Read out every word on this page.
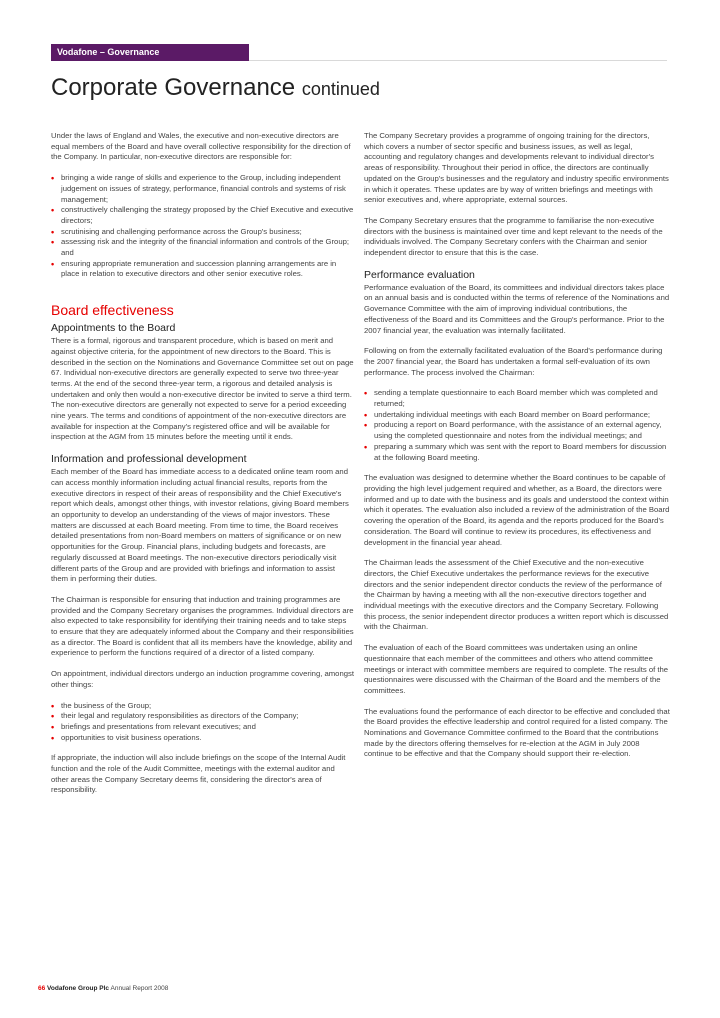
Vodafone – Governance
Corporate Governance continued

Under the laws of England and Wales, the executive and non-executive directors are equal members of the Board and have overall collective responsibility for the direction of the Company. In particular, non-executive directors are responsible for:

• bringing a wide range of skills and experience to the Group, including independent judgement on issues of strategy, performance, financial controls and systems of risk management;
• constructively challenging the strategy proposed by the Chief Executive and executive directors;
• scrutinising and challenging performance across the Group's business;
• assessing risk and the integrity of the financial information and controls of the Group; and
• ensuring appropriate remuneration and succession planning arrangements are in place in relation to executive directors and other senior executive roles.
Board effectiveness
Appointments to the Board

There is a formal, rigorous and transparent procedure, which is based on merit and against objective criteria, for the appointment of new directors to the Board. This is described in the section on the Nominations and Governance Committee set out on page 67. Individual non-executive directors are generally expected to serve two three-year terms. At the end of the second three-year term, a rigorous and detailed analysis is undertaken and only then would a non-executive director be invited to serve a third term. The non-executive directors are generally not expected to serve for a period exceeding nine years. The terms and conditions of appointment of the non-executive directors are available for inspection at the Company's registered office and will be available for inspection at the AGM from 15 minutes before the meeting until it ends.

Information and professional development

Each member of the Board has immediate access to a dedicated online team room and can access monthly information including actual financial results, reports from the executive directors in respect of their areas of responsibility and the Chief Executive's report which deals, amongst other things, with investor relations, giving Board members an opportunity to develop an understanding of the views of major investors. These matters are discussed at each Board meeting. From time to time, the Board receives detailed presentations from non-Board members on matters of significance or on new opportunities for the Group. Financial plans, including budgets and forecasts, are regularly discussed at Board meetings. The non-executive directors periodically visit different parts of the Group and are provided with briefings and information to assist them in performing their duties.

The Chairman is responsible for ensuring that induction and training programmes are provided and the Company Secretary organises the programmes. Individual directors are also expected to take responsibility for identifying their training needs and to take steps to ensure that they are adequately informed about the Company and their responsibilities as a director. The Board is confident that all its members have the knowledge, ability and experience to perform the functions required of a director of a listed company.

On appointment, individual directors undergo an induction programme covering, amongst other things:

• the business of the Group;
• their legal and regulatory responsibilities as directors of the Company;
• briefings and presentations from relevant executives; and
• opportunities to visit business operations.

If appropriate, the induction will also include briefings on the scope of the Internal Audit function and the role of the Audit Committee, meetings with the external auditor and other areas the Company Secretary deems fit, considering the director's area of responsibility.

The Company Secretary provides a programme of ongoing training for the directors, which covers a number of sector specific and business issues, as well as legal, accounting and regulatory changes and developments relevant to individual director's areas of responsibility. Throughout their period in office, the directors are continually updated on the Group's businesses and the regulatory and industry specific environments in which it operates. These updates are by way of written briefings and meetings with senior executives and, where appropriate, external sources.

The Company Secretary ensures that the programme to familiarise the non-executive directors with the business is maintained over time and kept relevant to the needs of the individuals involved. The Company Secretary confers with the Chairman and senior independent director to ensure that this is the case.

Performance evaluation

Performance evaluation of the Board, its committees and individual directors takes place on an annual basis and is conducted within the terms of reference of the Nominations and Governance Committee with the aim of improving individual contributions, the effectiveness of the Board and its Committees and the Group's performance. Prior to the 2007 financial year, the evaluation was internally facilitated.

Following on from the externally facilitated evaluation of the Board's performance during the 2007 financial year, the Board has undertaken a formal self-evaluation of its own performance. The process involved the Chairman:

• sending a template questionnaire to each Board member which was completed and returned;
• undertaking individual meetings with each Board member on Board performance;
• producing a report on Board performance, with the assistance of an external agency, using the completed questionnaire and notes from the individual meetings; and
• preparing a summary which was sent with the report to Board members for discussion at the following Board meeting.

The evaluation was designed to determine whether the Board continues to be capable of providing the high level judgement required and whether, as a Board, the directors were informed and up to date with the business and its goals and understood the context within which it operates. The evaluation also included a review of the administration of the Board covering the operation of the Board, its agenda and the reports produced for the Board's consideration. The Board will continue to review its procedures, its effectiveness and development in the financial year ahead.

The Chairman leads the assessment of the Chief Executive and the non-executive directors, the Chief Executive undertakes the performance reviews for the executive directors and the senior independent director conducts the review of the performance of the Chairman by having a meeting with all the non-executive directors together and individual meetings with the executive directors and the Company Secretary. Following this process, the senior independent director produces a written report which is discussed with the Chairman.

The evaluation of each of the Board committees was undertaken using an online questionnaire that each member of the committees and others who attend committee meetings or interact with committee members are required to complete. The results of the questionnaires were discussed with the Chairman of the Board and the members of the committees.

The evaluations found the performance of each director to be effective and concluded that the Board provides the effective leadership and control required for a listed company. The Nominations and Governance Committee confirmed to the Board that the contributions made by the directors offering themselves for re-election at the AGM in July 2008 continue to be effective and that the Company should support their re-election.

66 Vodafone Group Plc Annual Report 2008
